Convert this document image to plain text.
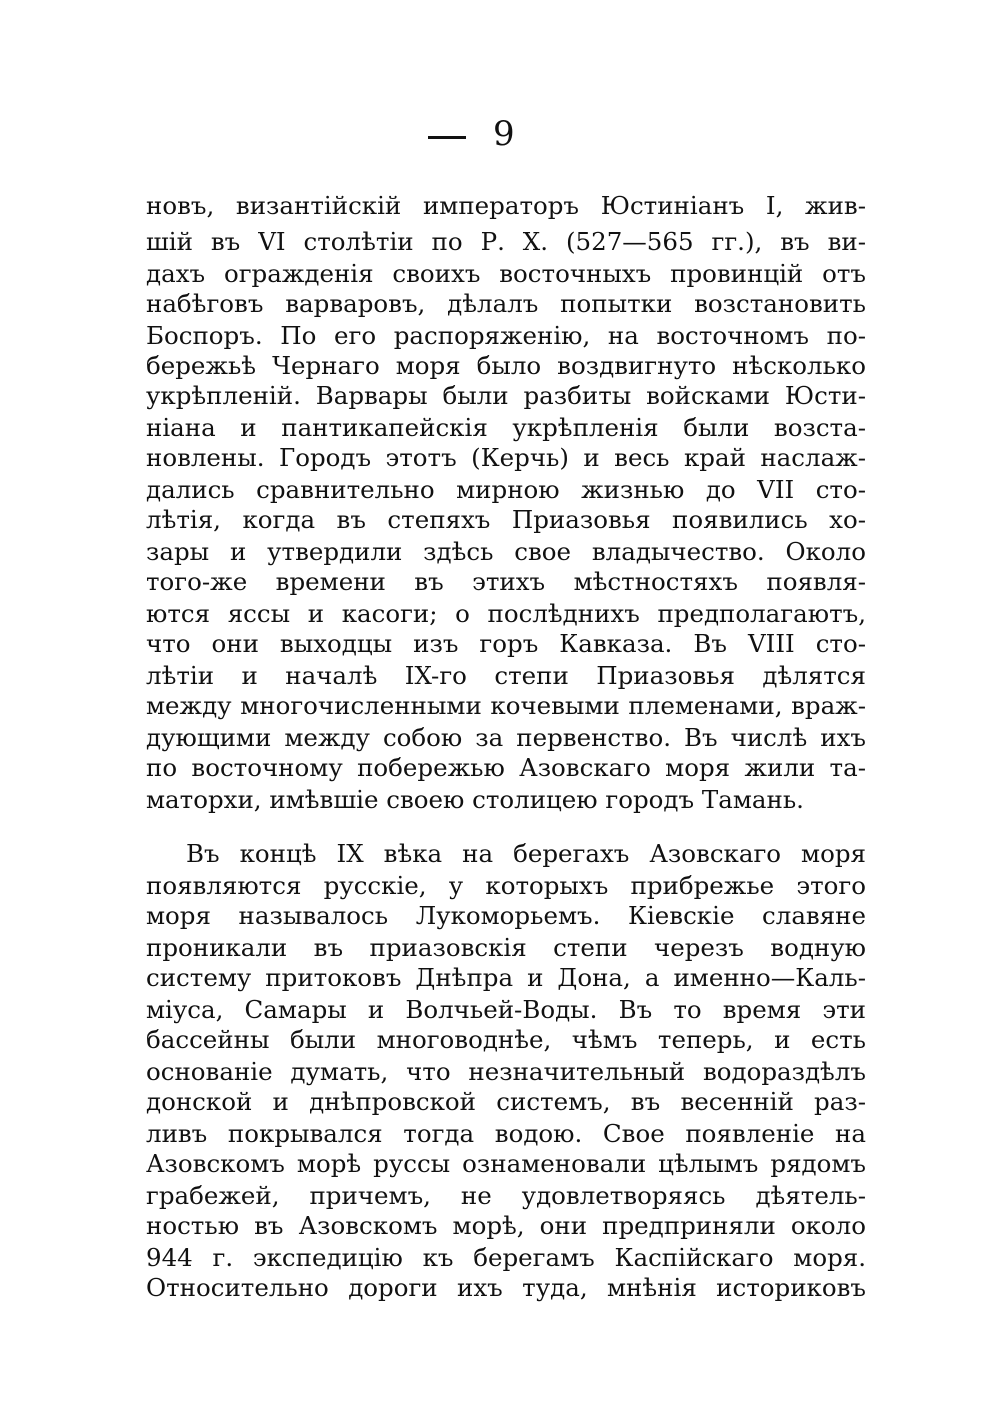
9
новъ, византійскій императоръ Юстиніанъ I, жив-
шій въ VI столѣтіи по Р. Х. (527—565 гг.), въ ви-
дахъ огражденія своихъ восточныхъ провинцій отъ
набѣговъ варваровъ, дѣлалъ попытки возстановить
Боспоръ. По его распоряженію, на восточномъ по-
бережьѣ Чернаго моря было воздвигнуто нѣсколько
укрѣпленій. Варвары были разбиты войсками Юсти-
ніана и пантикапейскія укрѣпленія были возста-
новлены. Городъ этотъ (Керчь) и весь край наслаж-
дались сравнительно мирною жизнью до VII сто-
лѣтія, когда въ степяхъ Приазовья появились хо-
зары и утвердили здѣсь свое владычество. Около
того-же времени въ этихъ мѣстностяхъ появля-
ются яссы и касоги; о послѣднихъ предполагаютъ,
что они выходцы изъ горъ Кавказа. Въ VIII сто-
лѣтіи и началѣ IX-го степи Приазовья дѣлятся
между многочисленными кочевыми племенами, враж-
дующими между собою за первенство. Въ числѣ ихъ
по восточному побережью Азовскаго моря жили та-
маторхи, имѣвшіе своею столицею городъ Тамань.
Въ концѣ IX вѣка на берегахъ Азовскаго моря
появляются русскіе, у которыхъ прибрежье этого
моря называлось Лукоморьемъ. Кіевскіе славяне
проникали въ приазовскія степи черезъ водную
систему притоковъ Днѣпра и Дона, а именно—Каль-
міуса, Самары и Волчьей-Воды. Въ то время эти
бассейны были многоводнѣе, чѣмъ теперь, и есть
основаніе думать, что незначительный водораздѣлъ
донской и днѣпровской системъ, въ весенній раз-
ливъ покрывался тогда водою. Свое появленіе на
Азовскомъ морѣ руссы ознаменовали цѣлымъ рядомъ
грабежей, причемъ, не удовлетворяясь дѣятель-
ностью въ Азовскомъ морѣ, они предприняли около
944 г. экспедицію къ берегамъ Каспійскаго моря.
Относительно дороги ихъ туда, мнѣнія историковъ
